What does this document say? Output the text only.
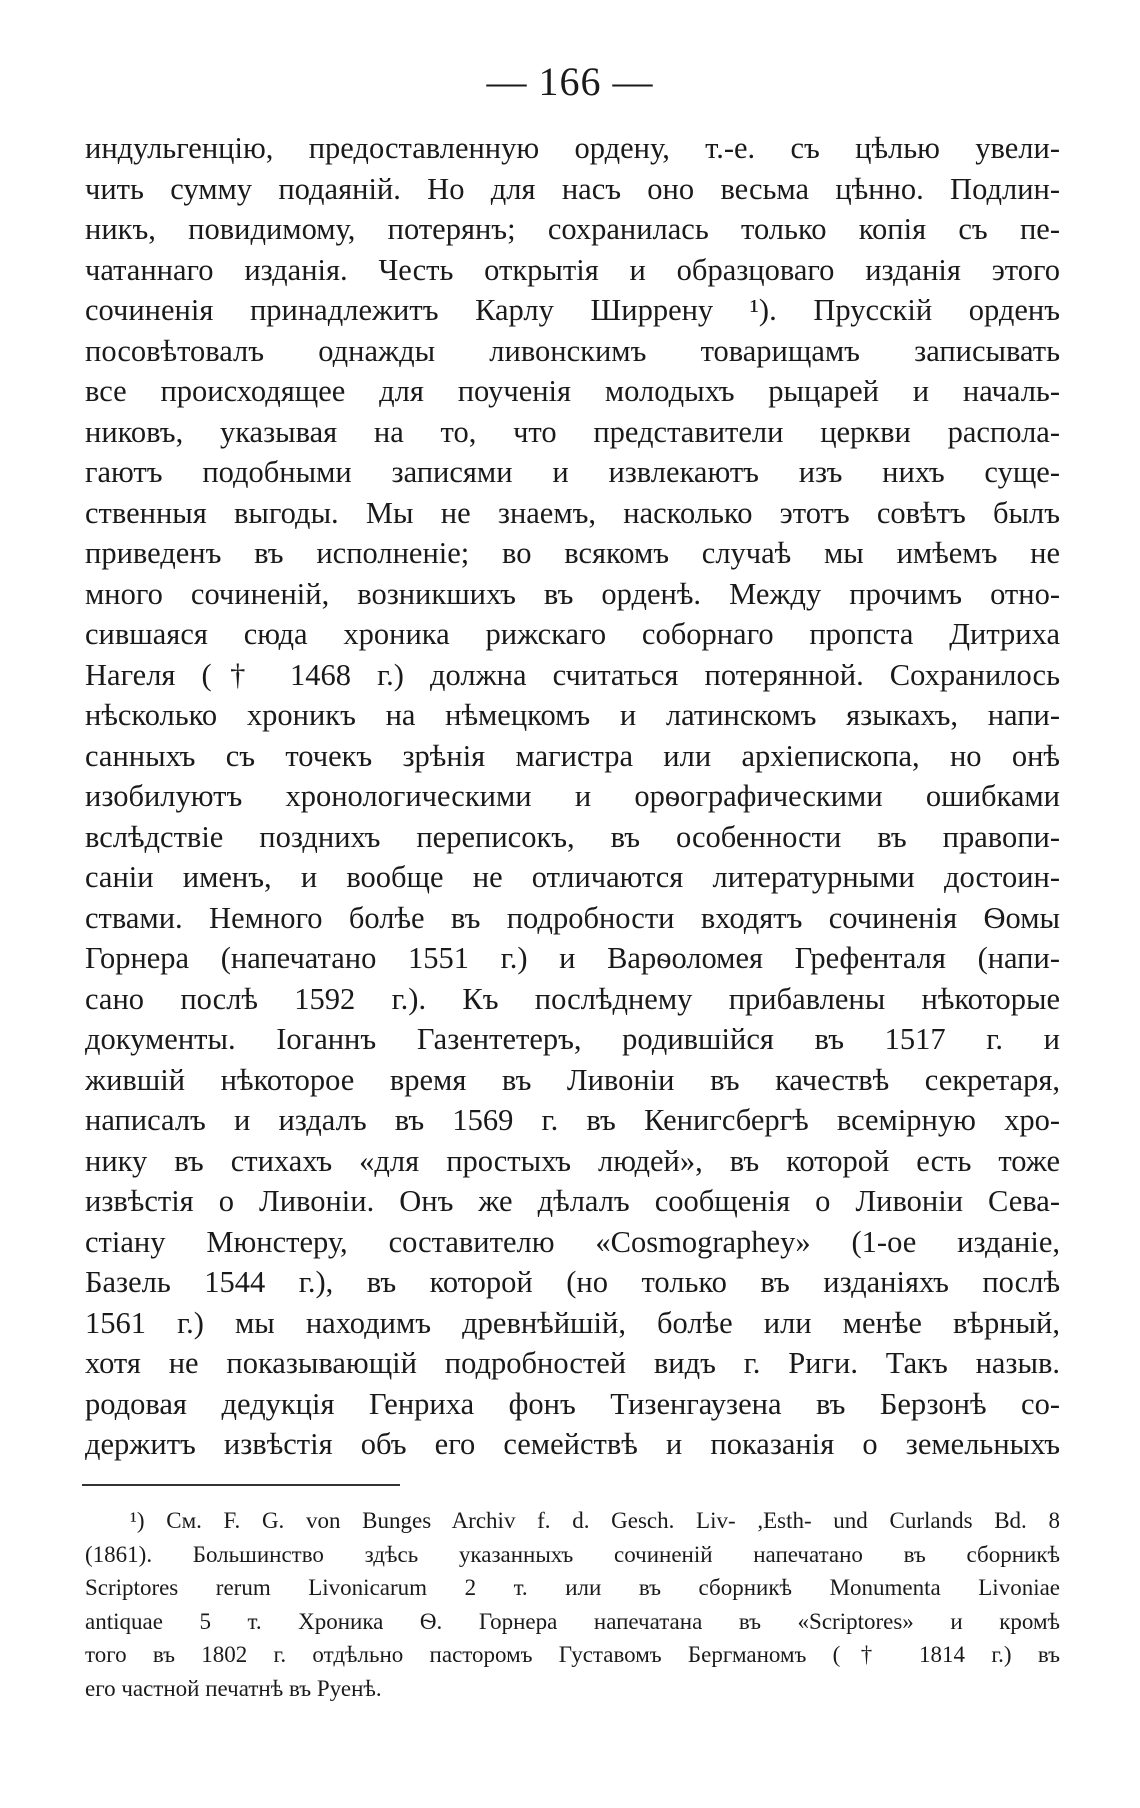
— 166 —
индульгенцію, предоставленную ордену, т.-е. съ цѣлью увели-
чить сумму подаяній. Но для насъ оно весьма цѣнно. Подлин-
никъ, повидимому, потерянъ; сохранилась только копія съ пе-
чатаннаго изданія. Честь открытія и образцоваго изданія этого
сочиненія принадлежитъ Карлу Ширрену ¹). Прусскій орденъ
посовѣтовалъ однажды ливонскимъ товарищамъ записывать
все происходящее для поученія молодыхъ рыцарей и началь-
никовъ, указывая на то, что представители церкви распола-
гаютъ подобными записями и извлекаютъ изъ нихъ суще-
ственныя выгоды. Мы не знаемъ, насколько этотъ совѣтъ былъ
приведенъ въ исполненіе; во всякомъ случаѣ мы имѣемъ не
много сочиненій, возникшихъ въ орденѣ. Между прочимъ отно-
сившаяся сюда хроника рижскаго соборнаго пропста Дитриха
Нагеля († 1468 г.) должна считаться потерянной. Сохранилось
нѣсколько хроникъ на нѣмецкомъ и латинскомъ языкахъ, напи-
санныхъ съ точекъ зрѣнія магистра или архіепископа, но онѣ
изобилуютъ хронологическими и орѳографическими ошибками
вслѣдствіе позднихъ переписокъ, въ особенности въ правопи-
саніи именъ, и вообще не отличаются литературными достоин-
ствами. Немного болѣе въ подробности входятъ сочиненія Ѳомы
Горнера (напечатано 1551 г.) и Варѳоломея Грефенталя (напи-
сано послѣ 1592 г.). Къ послѣднему прибавлены нѣкоторые
документы. Іоганнъ Газентетеръ, родившійся въ 1517 г. и
жившій нѣкоторое время въ Ливоніи въ качествѣ секретаря,
написалъ и издалъ въ 1569 г. въ Кенигсбергѣ всемірную хро-
нику въ стихахъ «для простыхъ людей», въ которой есть тоже
извѣстія о Ливоніи. Онъ же дѣлалъ сообщенія о Ливоніи Сева-
стіану Мюнстеру, составителю «Cosmographey» (1-ое изданіе,
Базель 1544 г.), въ которой (но только въ изданіяхъ послѣ
1561 г.) мы находимъ древнѣйшій, болѣе или менѣе вѣрный,
хотя не показывающій подробностей видъ г. Риги. Такъ назыв.
родовая дедукція Генриха фонъ Тизенгаузена въ Берзонѣ со-
держитъ извѣстія объ его семействѣ и показанія о земельныхъ
¹) См. F. G. von Bunges Archiv f. d. Gesch. Liv- ,Esth- und Curlands Bd. 8
(1861). Большинство здѣсь указанныхъ сочиненій напечатано въ сборникѣ
Scriptores rerum Livonicarum 2 т. или въ сборникѣ Monumenta Livoniae
antiquae 5 т. Хроника Ѳ. Горнера напечатана въ «Scriptores» и кромѣ
того въ 1802 г. отдѣльно пасторомъ Густавомъ Бергманомъ († 1814 г.) въ
его частной печатнѣ въ Руенѣ.
